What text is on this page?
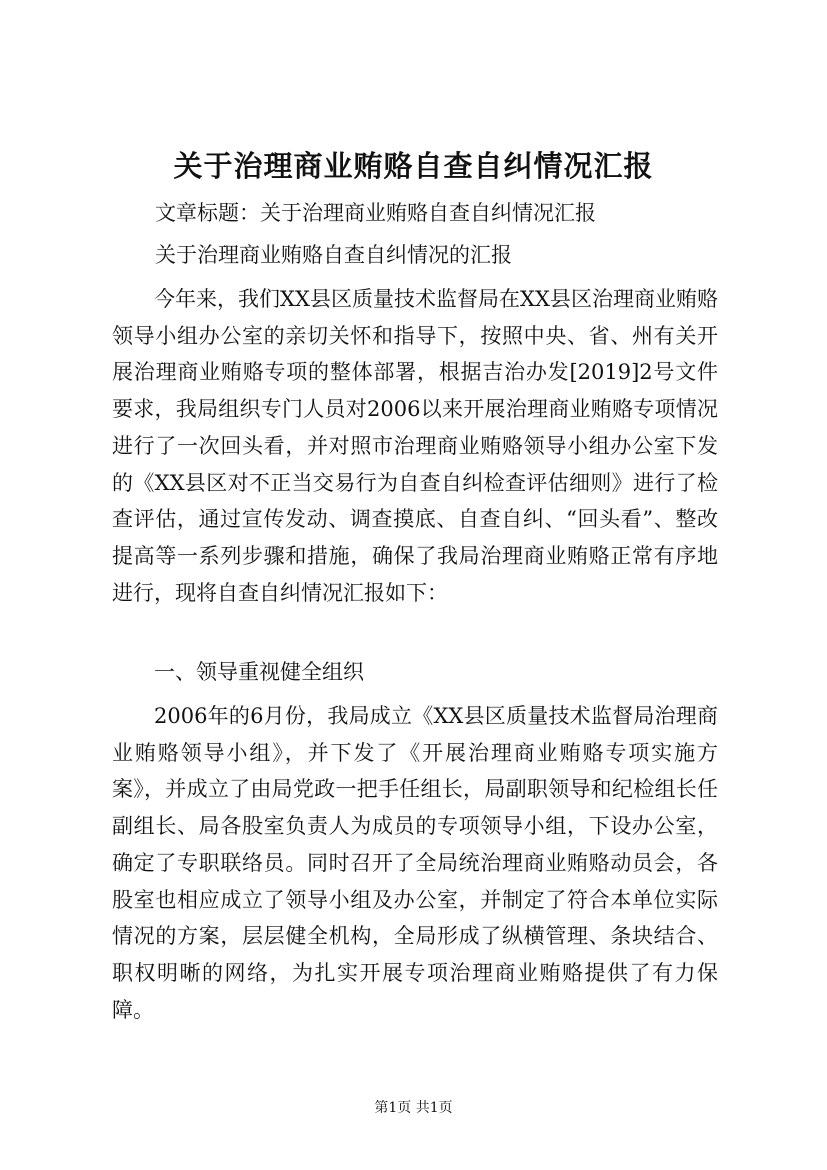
关于治理商业贿赂自查自纠情况汇报

文章标题：关于治理商业贿赂自查自纠情况汇报

关于治理商业贿赂自查自纠情况的汇报

今年来，我们XX县区质量技术监督局在XX县区治理商业贿赂领导小组办公室的亲切关怀和指导下，按照中央、省、州有关开展治理商业贿赂专项的整体部署，根据吉治办发[2019]2号文件要求，我局组织专门人员对2006以来开展治理商业贿赂专项情况进行了一次回头看，并对照市治理商业贿赂领导小组办公室下发的《XX县区对不正当交易行为自查自纠检查评估细则》进行了检查评估，通过宣传发动、调查摸底、自查自纠、“回头看”、整改提高等一系列步骤和措施，确保了我局治理商业贿赂正常有序地进行，现将自查自纠情况汇报如下：

一、领导重视健全组织

2006年的6月份，我局成立《XX县区质量技术监督局治理商业贿赂领导小组》，并下发了《开展治理商业贿赂专项实施方案》，并成立了由局党政一把手任组长，局副职领导和纪检组长任副组长、局各股室负责人为成员的专项领导小组，下设办公室，确定了专职联络员。同时召开了全局统治理商业贿赂动员会，各股室也相应成立了领导小组及办公室，并制定了符合本单位实际情况的方案，层层健全机构，全局形成了纵横管理、条块结合、职权明晰的网络，为扎实开展专项治理商业贿赂提供了有力保障。

第1页 共1页
